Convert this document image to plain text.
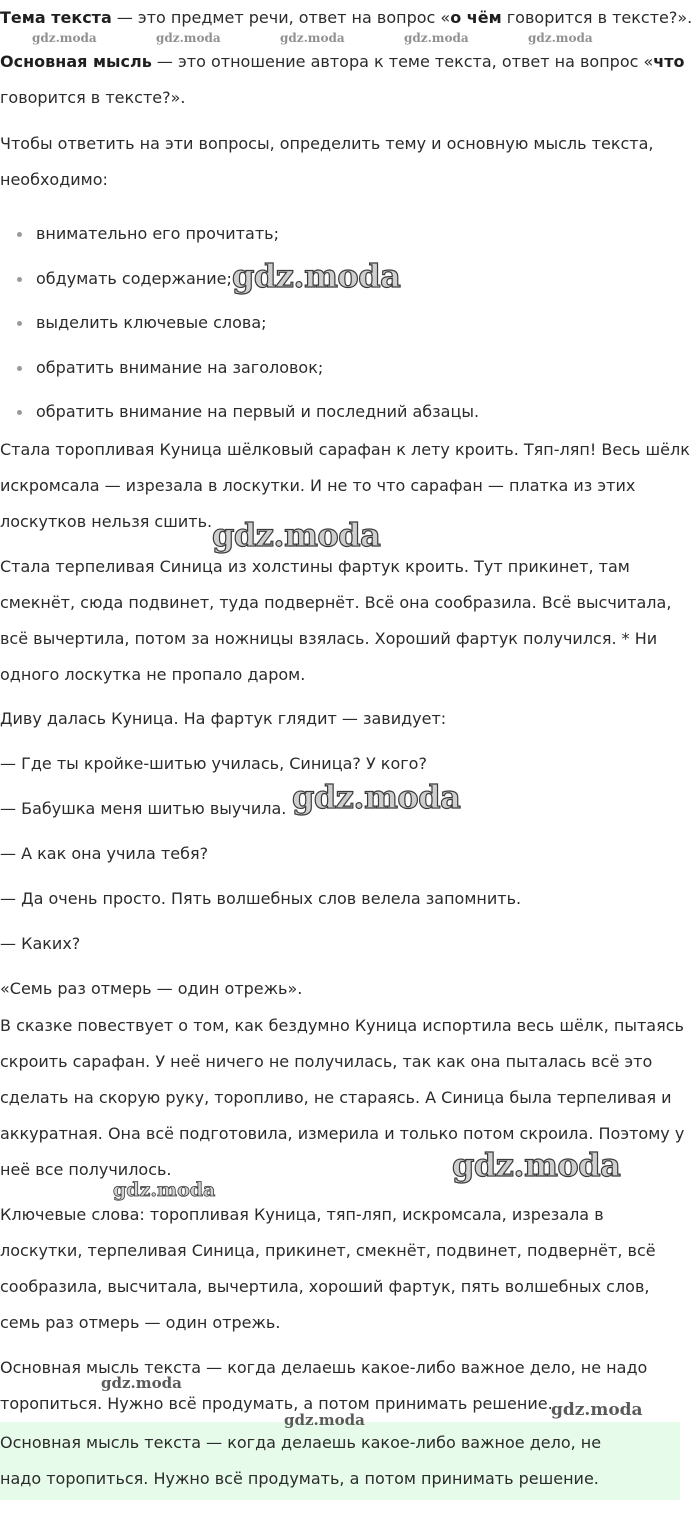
Тема текста — это предмет речи, ответ на вопрос «о чём говорится в тексте?».

Основная мысль — это отношение автора к теме текста, ответ на вопрос «что
говорится в тексте?».

Чтобы ответить на эти вопросы, определить тему и основную мысль текста,
необходимо:

внимательно его прочитать;
обдумать содержание;
выделить ключевые слова;
обратить внимание на заголовок;
обратить внимание на первый и последний абзацы.

Стала торопливая Куница шёлковый сарафан к лету кроить. Тяп-ляп! Весь шёлк
искромсала — изрезала в лоскутки. И не то что сарафан — платка из этих
лоскутков нельзя сшить.

Стала терпеливая Синица из холстины фартук кроить. Тут прикинет, там
смекнёт, сюда подвинет, туда подвернёт. Всё она сообразила. Всё высчитала,
всё вычертила, потом за ножницы взялась. Хороший фартук получился. * Ни
одного лоскутка не пропало даром.

Диву далась Куница. На фартук глядит — завидует:

— Где ты кройке-шитью училась, Синица? У кого?

— Бабушка меня шитью выучила.

— А как она учила тебя?

— Да очень просто. Пять волшебных слов велела запомнить.

— Каких?

«Семь раз отмерь — один отрежь».

В сказке повествует о том, как бездумно Куница испортила весь шёлк, пытаясь
скроить сарафан. У неё ничего не получилась, так как она пыталась всё это
сделать на скорую руку, торопливо, не стараясь. А Синица была терпеливая и
аккуратная. Она всё подготовила, измерила и только потом скроила. Поэтому у
неё все получилось.

Ключевые слова: торопливая Куница, тяп-ляп, искромсала, изрезала в
лоскутки, терпеливая Синица, прикинет, смекнёт, подвинет, подвернёт, всё
сообразила, высчитала, вычертила, хороший фартук, пять волшебных слов,
семь раз отмерь — один отрежь.

Основная мысль текста — когда делаешь какое-либо важное дело, не надо
торопиться. Нужно всё продумать, а потом принимать решение.

Основная мысль текста — когда делаешь какое-либо важное дело, не
надо торопиться. Нужно всё продумать, а потом принимать решение.
gdz.moda	gdz.moda	gdz.moda	gdz.moda	gdz.moda
gdz.moda
gdz.moda
gdz.moda
gdz.moda
gdz.moda
gdz.moda
gdz.moda	gdz.moda
